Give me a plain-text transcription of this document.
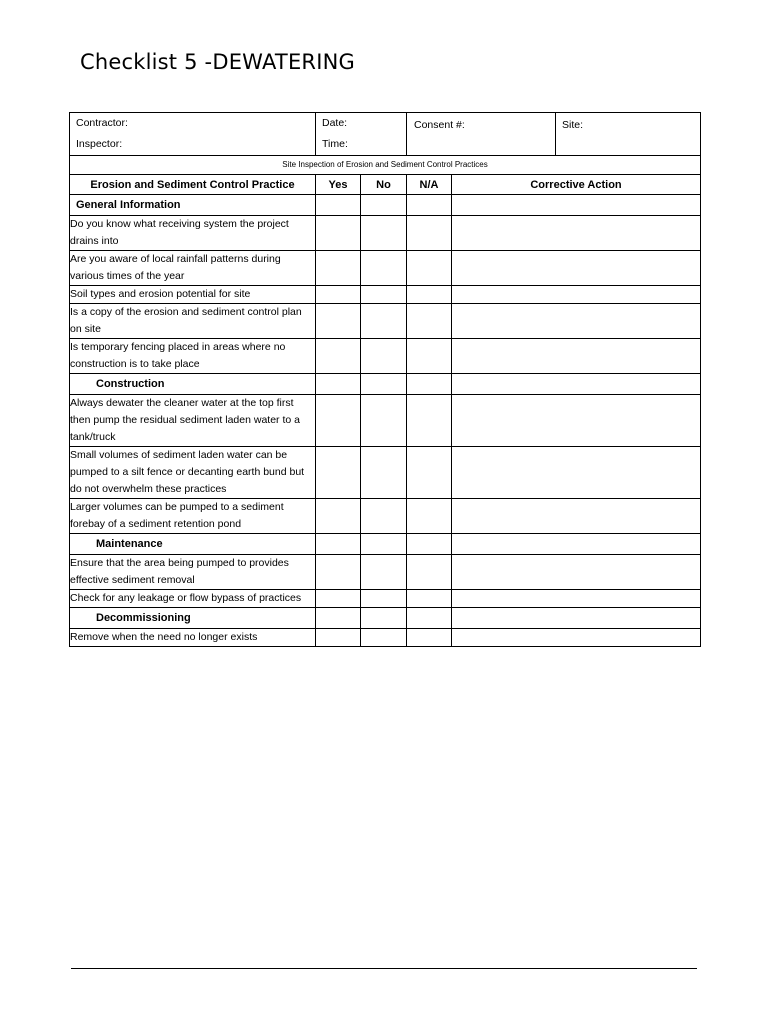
Checklist 5 -DEWATERING
Contractor:
Inspector:

Date:
Time:

Consent #:	Site:

Site Inspection of Erosion and Sediment Control Practices
Erosion and Sediment Control Practice	Yes	No	N/A	Corrective Action
General Information				
Do you know what receiving system the project drains into				
Are you aware of local rainfall patterns during various times of the year				
Soil types and erosion potential for site				
Is a copy of the erosion and sediment control plan on site				
Is temporary fencing placed in areas where no construction is to take place				
Construction				
Always dewater the cleaner water at the top first then pump the residual sediment laden water to a tank/truck				
Small volumes of sediment laden water can be pumped to a silt fence or decanting earth bund but do not overwhelm these practices				
Larger volumes can be pumped to a sediment forebay of a sediment retention pond				
Maintenance				
Ensure that the area being pumped to provides effective sediment removal				
Check for any leakage or flow bypass of practices				
Decommissioning				
Remove when the need no longer exists				
